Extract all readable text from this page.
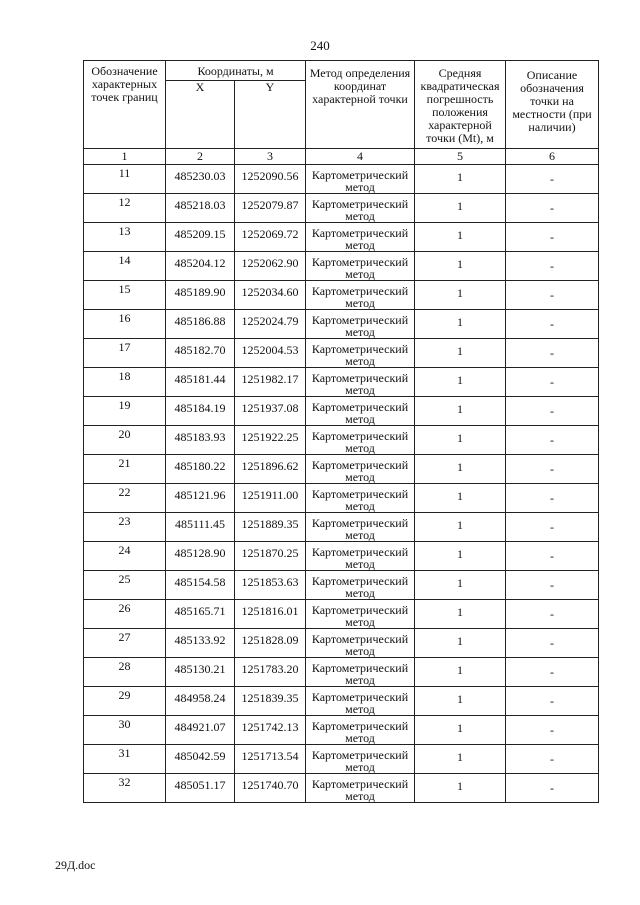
240
Обозначение характерных точек границ	Координаты, м		Метод определения координат характерной точки	Средняя квадратическая погрешность положения характерной точки (Mt), м	Описание обозначения точки на местности (при наличии)
	X	Y			
1	2	3	4	5	6
11	485230.03	1252090.56	Картометрический метод	1	-
12	485218.03	1252079.87	Картометрический метод	1	-
13	485209.15	1252069.72	Картометрический метод	1	-
14	485204.12	1252062.90	Картометрический метод	1	-
15	485189.90	1252034.60	Картометрический метод	1	-
16	485186.88	1252024.79	Картометрический метод	1	-
17	485182.70	1252004.53	Картометрический метод	1	-
18	485181.44	1251982.17	Картометрический метод	1	-
19	485184.19	1251937.08	Картометрический метод	1	-
20	485183.93	1251922.25	Картометрический метод	1	-
21	485180.22	1251896.62	Картометрический метод	1	-
22	485121.96	1251911.00	Картометрический метод	1	-
23	485111.45	1251889.35	Картометрический метод	1	-
24	485128.90	1251870.25	Картометрический метод	1	-
25	485154.58	1251853.63	Картометрический метод	1	-
26	485165.71	1251816.01	Картометрический метод	1	-
27	485133.92	1251828.09	Картометрический метод	1	-
28	485130.21	1251783.20	Картометрический метод	1	-
29	484958.24	1251839.35	Картометрический метод	1	-
30	484921.07	1251742.13	Картометрический метод	1	-
31	485042.59	1251713.54	Картометрический метод	1	-
32	485051.17	1251740.70	Картометрический метод	1	-
29Д.doc
